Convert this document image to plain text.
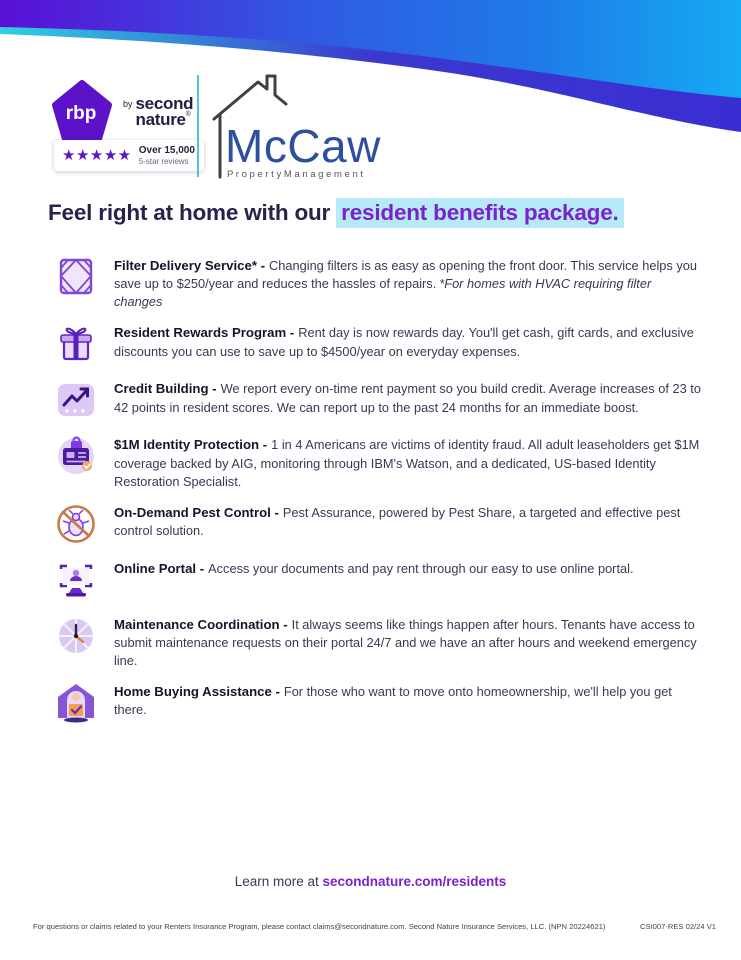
rbp	by second
nature ®
★★★★★ Over 15,000
5-star reviews McCaw
P r o p e r t y M a n a g e m e n t
Feel right at home with our resident benefits package.
Filter Delivery Service* - Changing filters is as easy as opening the front door. This service helps you save up to $250/year and reduces the hassles of repairs. *For homes with HVAC requiring filter changes
Resident Rewards Program - Rent day is now rewards day. You'll get cash, gift cards, and exclusive discounts you can use to save up to $4500/year on everyday expenses.
Credit Building - We report every on-time rent payment so you build credit. Average increases of 23 to 42 points in resident scores. We can report up to the past 24 months for an immediate boost.
$1M Identity Protection - 1 in 4 Americans are victims of identity fraud. All adult leaseholders get $1M coverage backed by AIG, monitoring through IBM's Watson, and a dedicated, US-based Identity Restoration Specialist.
On-Demand Pest Control - Pest Assurance, powered by Pest Share, a targeted and effective pest control solution.
Online Portal - Access your documents and pay rent through our easy to use online portal.
Maintenance Coordination - It always seems like things happen after hours. Tenants have access to submit maintenance requests on their portal 24/7 and we have an after hours and weekend emergency line.
Home Buying Assistance - For those who want to move onto homeownership, we'll help you get there.
Learn more at secondnature.com/residents
For questions or claims related to your Renters Insurance Program, please contact claims@secondnature.com. Second Nature Insurance Services, LLC. (NPN 20224621)	CSI007-RES 02/24 V1
